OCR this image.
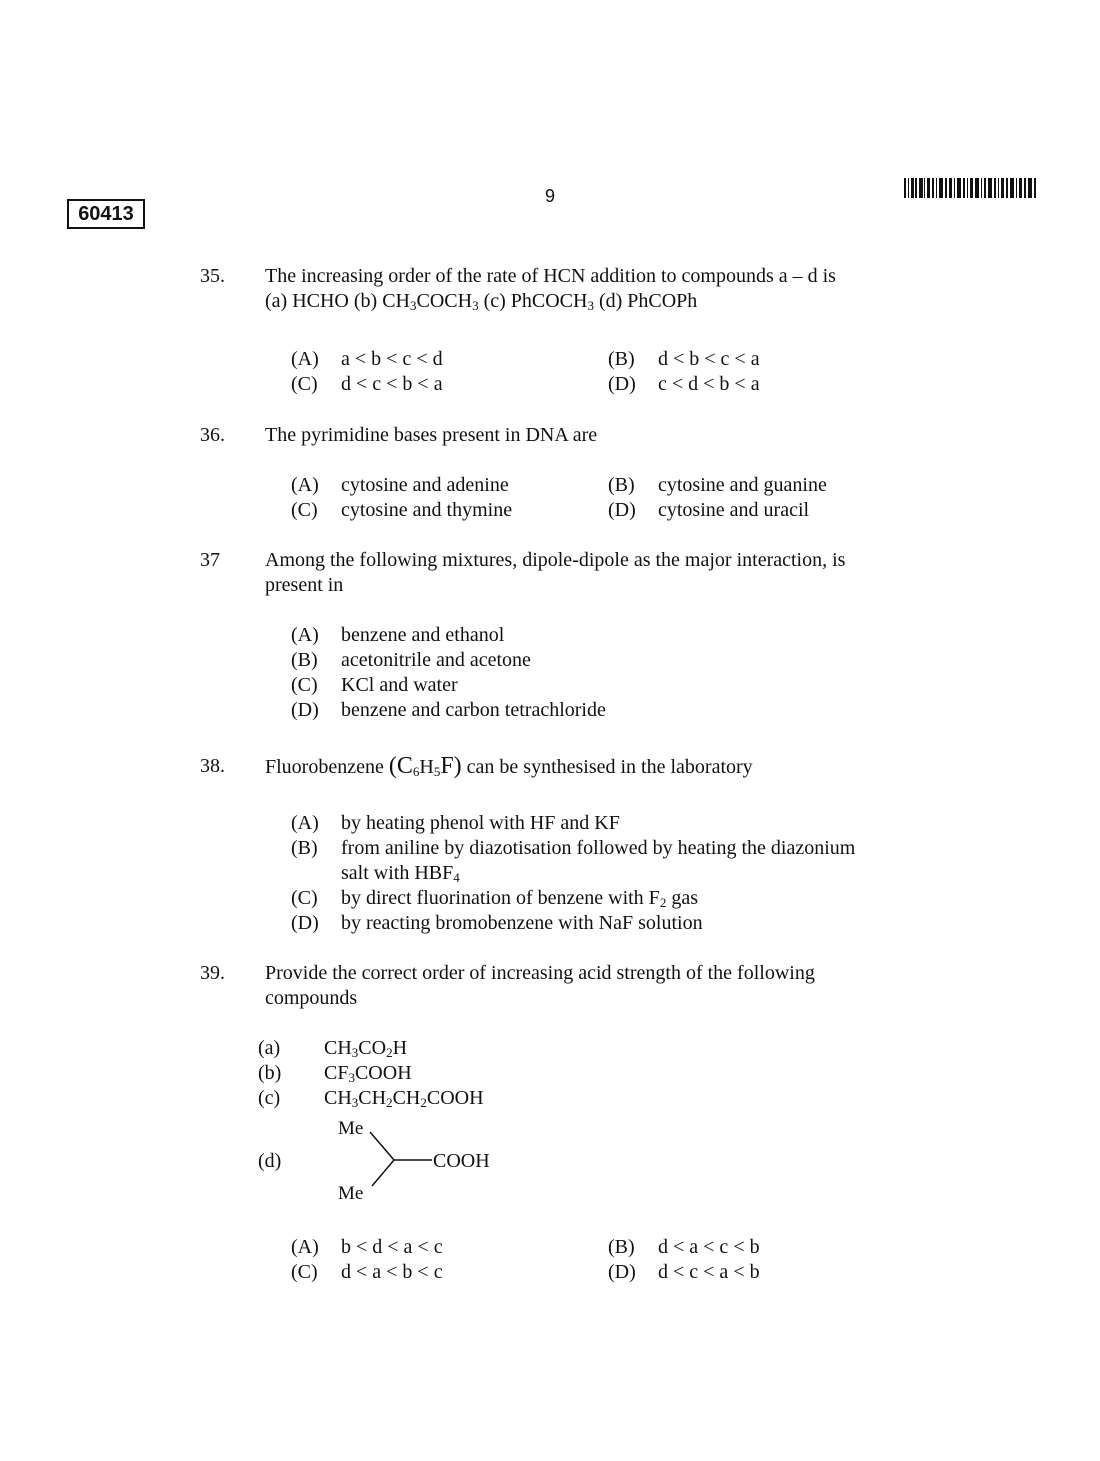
60413
9
35.	The increasing order of the rate of HCN addition to compounds a – d is
(a) HCHO (b) $CH_3COCH_3$ (c) PhCOCH$_3$ (d) PhCOPh
(A) a < b < c < d	(B) d < b < c < a
(C) d < c < b < a	(D) c < d < b < a
36.	The pyrimidine bases present in DNA are
(A) cytosine and adenine	(B) cytosine and guanine
(C) cytosine and thymine	(D) cytosine and uracil
37	Among the following mixtures, dipole-dipole as the major interaction, is
present in
(A) benzene and ethanol
(B) acetonitrile and acetone
(C) KCl and water
(D) benzene and carbon tetrachloride
38.	Fluorobenzene $(C_6H_5F)$ can be synthesised in the laboratory
(A) by heating phenol with HF and KF
(B) from aniline by diazotisation followed by heating the diazonium
salt with $HBF_4$
(C) by direct fluorination of benzene with $F_2$ gas
(D) by reacting bromobenzene with NaF solution
39.	Provide the correct order of increasing acid strength of the following
compounds
(a) $CH_3CO_2H$
(b) $CF_3COOH$
(c) $CH_3CH_2CH_2COOH$
(d)
Me
Me
COOH
(A) b < d < a < c	(B) d < a < c < b
(C) d < a < b < c	(D) d < c < a < b
